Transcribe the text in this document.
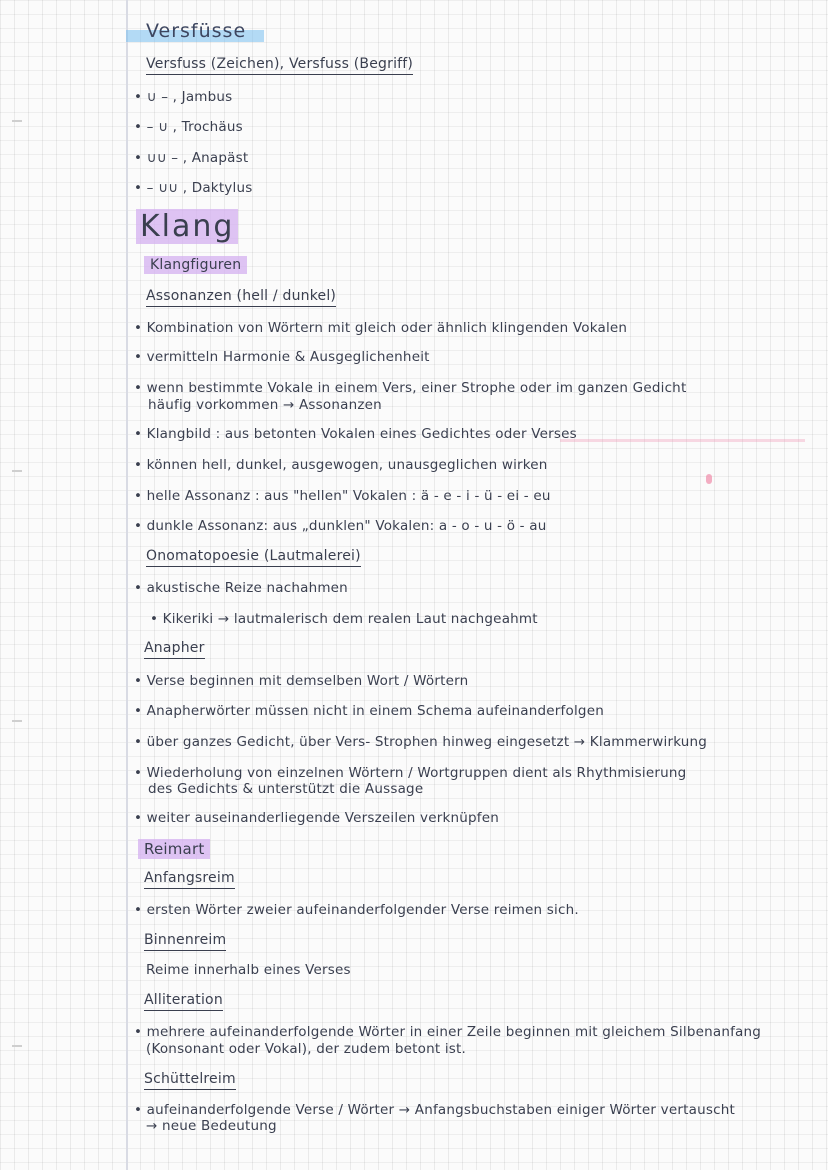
Versfüsse
Versfuss (Zeichen), Versfuss (Begriff)
• ∪ – , Jambus
• – ∪ , Trochäus
• ∪∪ – , Anapäst
• – ∪∪ , Daktylus
Klang
Klangfiguren
Assonanzen (hell / dunkel)
• Kombination von Wörtern mit gleich oder ähnlich klingenden Vokalen
• vermitteln Harmonie & Ausgeglichenheit
• wenn bestimmte Vokale in einem Vers, einer Strophe oder im ganzen Gedicht
häufig vorkommen → Assonanzen
• Klangbild : aus betonten Vokalen eines Gedichtes oder Verses
• können hell, dunkel, ausgewogen, unausgeglichen wirken
• helle Assonanz : aus "hellen" Vokalen : ä - e - i - ü - ei - eu
• dunkle Assonanz: aus „dunklen" Vokalen: a - o - u - ö - au
Onomatopoesie (Lautmalerei)
• akustische Reize nachahmen
• Kikeriki → lautmalerisch dem realen Laut nachgeahmt
Anapher
• Verse beginnen mit demselben Wort / Wörtern
• Anapherwörter müssen nicht in einem Schema aufeinanderfolgen
• über ganzes Gedicht, über Vers- Strophen hinweg eingesetzt → Klammerwirkung
• Wiederholung von einzelnen Wörtern / Wortgruppen dient als Rhythmisierung
des Gedichts & unterstützt die Aussage
• weiter auseinanderliegende Verszeilen verknüpfen
Reimart
Anfangsreim
• ersten Wörter zweier aufeinanderfolgender Verse reimen sich.
Binnenreim
Reime innerhalb eines Verses
Alliteration
• mehrere aufeinanderfolgende Wörter in einer Zeile beginnen mit gleichem Silbenanfang
(Konsonant oder Vokal), der zudem betont ist.
Schüttelreim
• aufeinanderfolgende Verse / Wörter → Anfangsbuchstaben einiger Wörter vertauscht
→ neue Bedeutung
